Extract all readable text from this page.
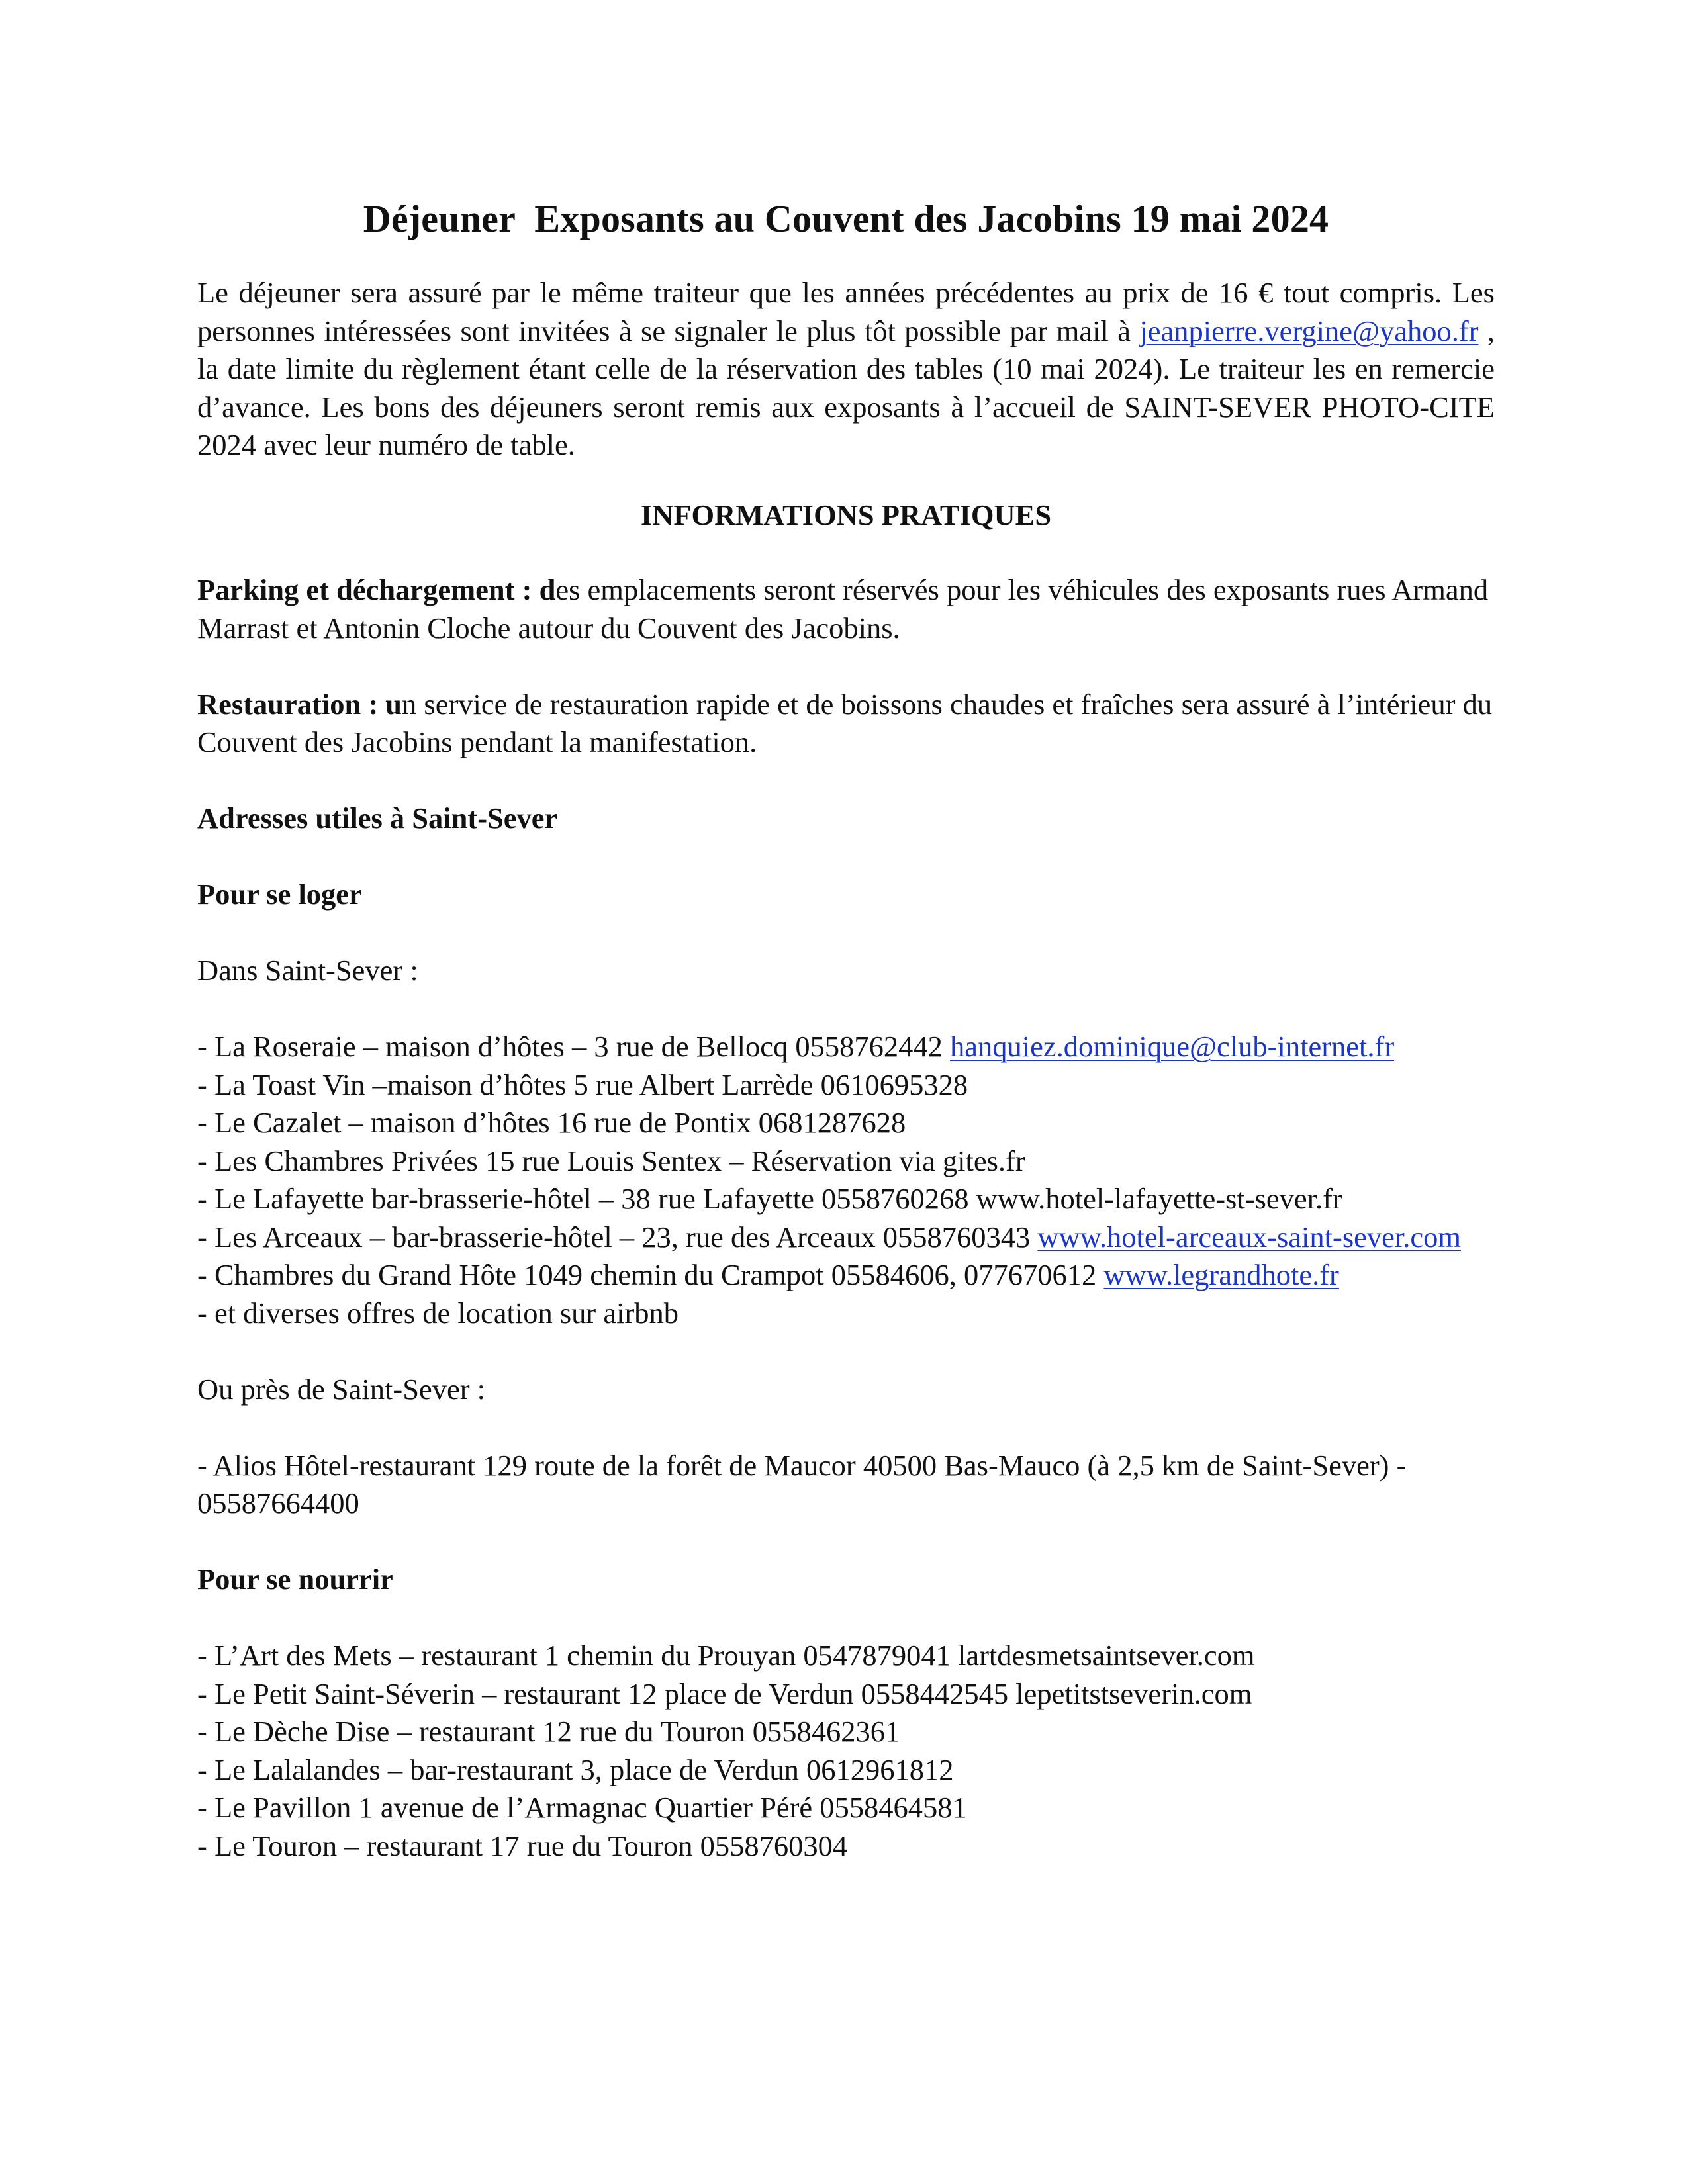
Déjeuner  Exposants au Couvent des Jacobins 19 mai 2024

Le déjeuner sera assuré par le même traiteur que les années précédentes au prix de 16 € tout compris. Les personnes intéressées sont invitées à se signaler le plus tôt possible par mail à jeanpierre.vergine@yahoo.fr , la date limite du règlement étant celle de la réservation des tables (10 mai 2024). Le traiteur les en remercie d’avance. Les bons des déjeuners seront remis aux exposants à l’accueil de SAINT-SEVER PHOTO-CITE 2024 avec leur numéro de table.

INFORMATIONS PRATIQUES

Parking et déchargement : des emplacements seront réservés pour les véhicules des exposants rues Armand Marrast et Antonin Cloche autour du Couvent des Jacobins.

Restauration : un service de restauration rapide et de boissons chaudes et fraîches sera assuré à l’intérieur du Couvent des Jacobins pendant la manifestation.

Adresses utiles à Saint-Sever
Pour se loger
Dans Saint-Sever :
- La Roseraie – maison d’hôtes – 3 rue de Bellocq 0558762442 hanquiez.dominique@club-internet.fr
- La Toast Vin –maison d’hôtes 5 rue Albert Larrède 0610695328
- Le Cazalet – maison d’hôtes 16 rue de Pontix 0681287628
- Les Chambres Privées 15 rue Louis Sentex – Réservation via gites.fr
- Le Lafayette bar-brasserie-hôtel – 38 rue Lafayette 0558760268 www.hotel-lafayette-st-sever.fr
- Les Arceaux – bar-brasserie-hôtel – 23, rue des Arceaux 0558760343 www.hotel-arceaux-saint-sever.com
- Chambres du Grand Hôte 1049 chemin du Crampot 05584606, 077670612 www.legrandhote.fr
- et diverses offres de location sur airbnb
Ou près de Saint-Sever :
- Alios Hôtel-restaurant 129 route de la forêt de Maucor 40500 Bas-Mauco (à 2,5 km de Saint-Sever) - 05587664400
Pour se nourrir
- L’Art des Mets – restaurant 1 chemin du Prouyan 0547879041 lartdesmetsaintsever.com
- Le Petit Saint-Séverin – restaurant 12 place de Verdun 0558442545 lepetitstseverin.com
- Le Dèche Dise – restaurant 12 rue du Touron 0558462361
- Le Lalalandes – bar-restaurant 3, place de Verdun 0612961812
- Le Pavillon 1 avenue de l’Armagnac Quartier Péré 0558464581
- Le Touron – restaurant 17 rue du Touron 0558760304
